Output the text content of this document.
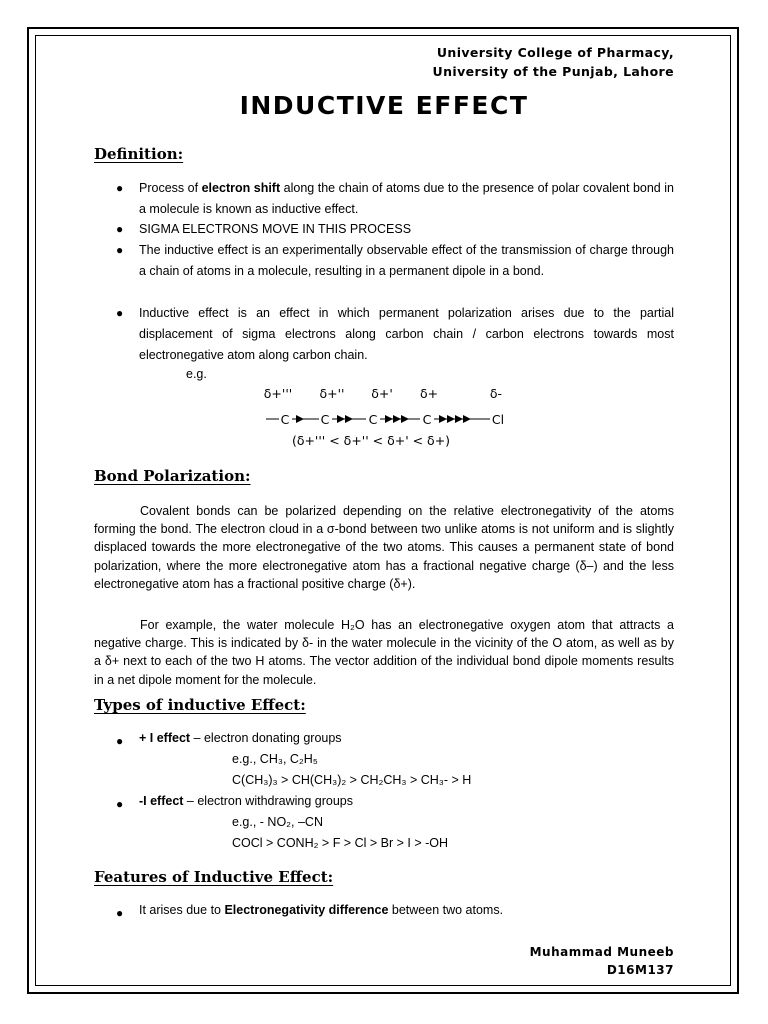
University College of Pharmacy,
University of the Punjab, Lahore
INDUCTIVE EFFECT
Definition:
● Process of electron shift along the chain of atoms due to the presence of polar covalent bond in a molecule is known as inductive effect.
● SIGMA ELECTRONS MOVE IN THIS PROCESS
● The inductive effect is an experimentally observable effect of the transmission of charge through a chain of atoms in a molecule, resulting in a permanent dipole in a bond.
● Inductive effect is an effect in which permanent polarization arises due to the partial displacement of sigma electrons along carbon chain / carbon electrons towards most electronegative atom along carbon chain.
e.g.
δ+''' δ+'' δ+' δ+	δ-
C	C	C	C	Cl
(δ+''' < δ+'' < δ+' < δ+)
Bond Polarization:
Covalent bonds can be polarized depending on the relative electronegativity of the atoms forming the bond. The electron cloud in a σ-bond between two unlike atoms is not uniform and is slightly displaced towards the more electronegative of the two atoms. This causes a permanent state of bond polarization, where the more electronegative atom has a fractional negative charge (δ–) and the less electronegative atom has a fractional positive charge (δ+).
For example, the water molecule H₂O has an electronegative oxygen atom that attracts a negative charge. This is indicated by δ- in the water molecule in the vicinity of the O atom, as well as by a δ+ next to each of the two H atoms. The vector addition of the individual bond dipole moments results in a net dipole moment for the molecule.
Types of inductive Effect:
● + I effect – electron donating groups
e.g., CH₃, C₂H₅
C(CH₃)₃ > CH(CH₃)₂ > CH₂CH₃ > CH₃- > H
● -I effect – electron withdrawing groups
e.g., - NO₂, –CN
COCl > CONH₂ > F > Cl > Br > I > -OH
Features of Inductive Effect:
● It arises due to Electronegativity difference between two atoms.
Muhammad Muneeb
D16M137
